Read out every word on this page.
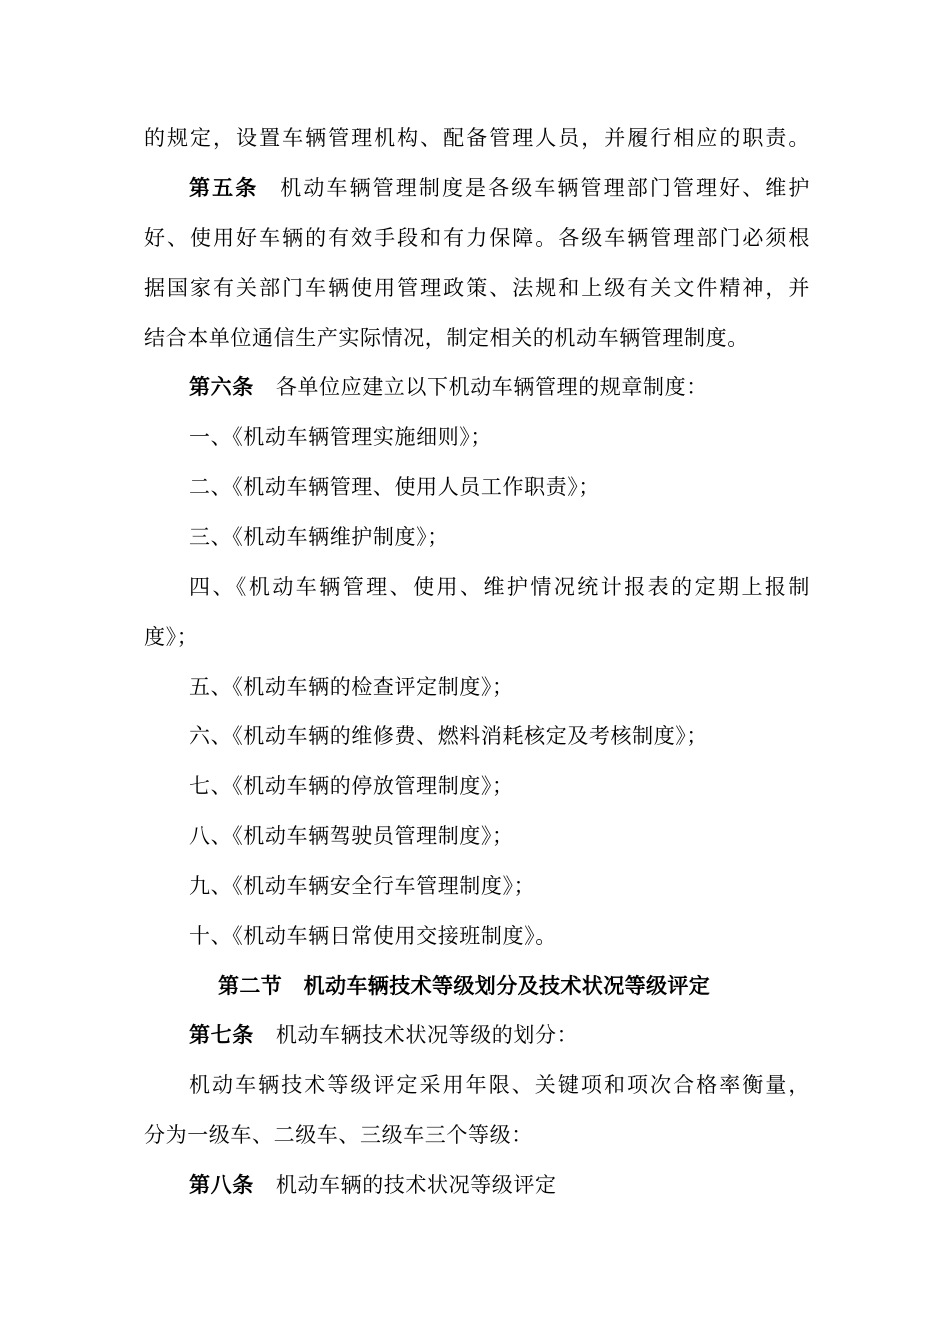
的规定，设置车辆管理机构、配备管理人员，并履行相应的职责。
第五条 机动车辆管理制度是各级车辆管理部门管理好、维护
好、使用好车辆的有效手段和有力保障。各级车辆管理部门必须根
据国家有关部门车辆使用管理政策、法规和上级有关文件精神，并
结合本单位通信生产实际情况，制定相关的机动车辆管理制度。
第六条 各单位应建立以下机动车辆管理的规章制度：
一、《机动车辆管理实施细则》；
二、《机动车辆管理、使用人员工作职责》；
三、《机动车辆维护制度》；
四、《机动车辆管理、使用、维护情况统计报表的定期上报制
度》；
五、《机动车辆的检查评定制度》；
六、《机动车辆的维修费、燃料消耗核定及考核制度》；
七、《机动车辆的停放管理制度》；
八、《机动车辆驾驶员管理制度》；
九、《机动车辆安全行车管理制度》；
十、《机动车辆日常使用交接班制度》。
第二节　机动车辆技术等级划分及技术状况等级评定
第七条 机动车辆技术状况等级的划分：
机动车辆技术等级评定采用年限、关键项和项次合格率衡量，
分为一级车、二级车、三级车三个等级：
第八条 机动车辆的技术状况等级评定
